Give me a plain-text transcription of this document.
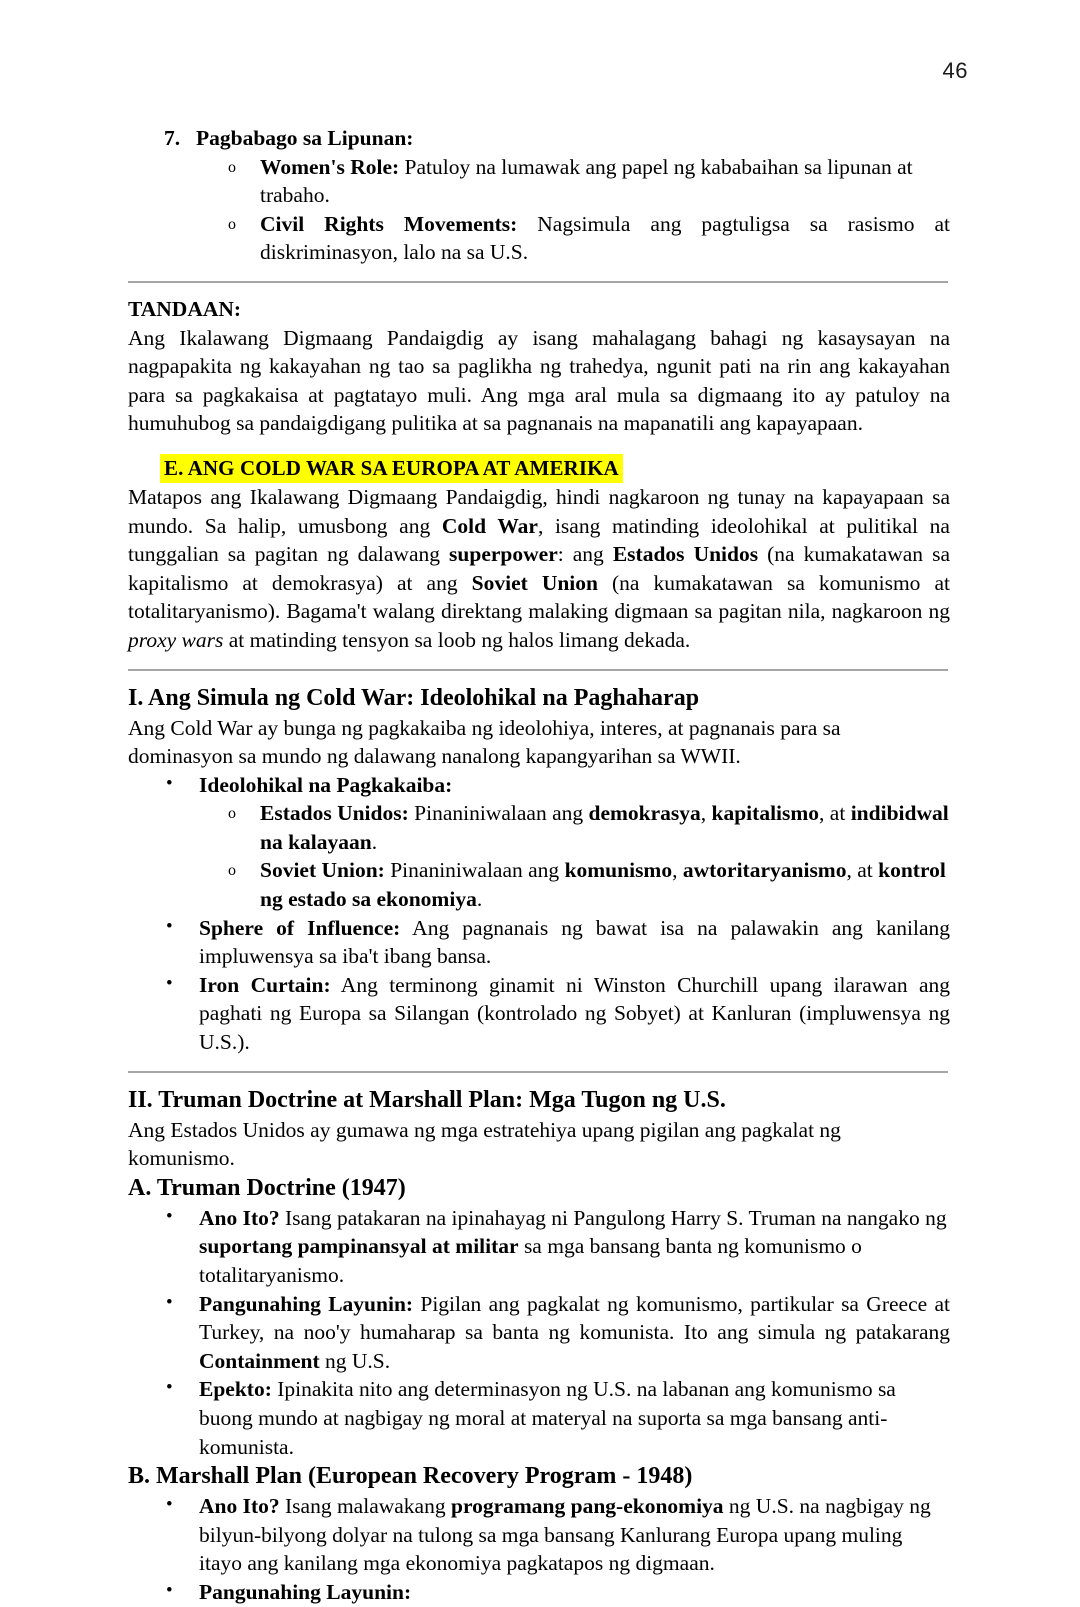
46
7. Pagbabago sa Lipunan:
o Women's Role: Patuloy na lumawak ang papel ng kababaihan sa lipunan at trabaho.
o Civil Rights Movements: Nagsimula ang pagtuligsa sa rasismo at diskriminasyon, lalo na sa U.S.
TANDAAN:
Ang Ikalawang Digmaang Pandaigdig ay isang mahalagang bahagi ng kasaysayan na nagpapakita ng kakayahan ng tao sa paglikha ng trahedya, ngunit pati na rin ang kakayahan para sa pagkakaisa at pagtatayo muli. Ang mga aral mula sa digmaang ito ay patuloy na humuhubog sa pandaigdigang pulitika at sa pagnanais na mapanatili ang kapayapaan.
E. ANG COLD WAR SA EUROPA AT AMERIKA
Matapos ang Ikalawang Digmaang Pandaigdig, hindi nagkaroon ng tunay na kapayapaan sa mundo. Sa halip, umusbong ang Cold War, isang matinding ideolohikal at pulitikal na tunggalian sa pagitan ng dalawang superpower: ang Estados Unidos (na kumakatawan sa kapitalismo at demokrasya) at ang Soviet Union (na kumakatawan sa komunismo at totalitaryanismo). Bagama't walang direktang malaking digmaan sa pagitan nila, nagkaroon ng proxy wars at matinding tensyon sa loob ng halos limang dekada.
I. Ang Simula ng Cold War: Ideolohikal na Paghaharap
Ang Cold War ay bunga ng pagkakaiba ng ideolohiya, interes, at pagnanais para sa dominasyon sa mundo ng dalawang nanalong kapangyarihan sa WWII.
• Ideolohikal na Pagkakaiba:
o Estados Unidos: Pinaniniwalaan ang demokrasya, kapitalismo, at indibidwal na kalayaan.
o Soviet Union: Pinaniniwalaan ang komunismo, awtoritaryanismo, at kontrol ng estado sa ekonomiya.
• Sphere of Influence: Ang pagnanais ng bawat isa na palawakin ang kanilang impluwensya sa iba't ibang bansa.
• Iron Curtain: Ang terminong ginamit ni Winston Churchill upang ilarawan ang paghati ng Europa sa Silangan (kontrolado ng Sobyet) at Kanluran (impluwensya ng U.S.).
II. Truman Doctrine at Marshall Plan: Mga Tugon ng U.S.
Ang Estados Unidos ay gumawa ng mga estratehiya upang pigilan ang pagkalat ng komunismo.
A. Truman Doctrine (1947)
• Ano Ito? Isang patakaran na ipinahayag ni Pangulong Harry S. Truman na nangako ng suportang pampinansyal at militar sa mga bansang banta ng komunismo o totalitaryanismo.
• Pangunahing Layunin: Pigilan ang pagkalat ng komunismo, partikular sa Greece at Turkey, na noo'y humaharap sa banta ng komunista. Ito ang simula ng patakarang Containment ng U.S.
• Epekto: Ipinakita nito ang determinasyon ng U.S. na labanan ang komunismo sa buong mundo at nagbigay ng moral at materyal na suporta sa mga bansang anti-komunista.
B. Marshall Plan (European Recovery Program - 1948)
• Ano Ito? Isang malawakang programang pang-ekonomiya ng U.S. na nagbigay ng bilyun-bilyong dolyar na tulong sa mga bansang Kanlurang Europa upang muling itayo ang kanilang mga ekonomiya pagkatapos ng digmaan.
• Pangunahing Layunin:
